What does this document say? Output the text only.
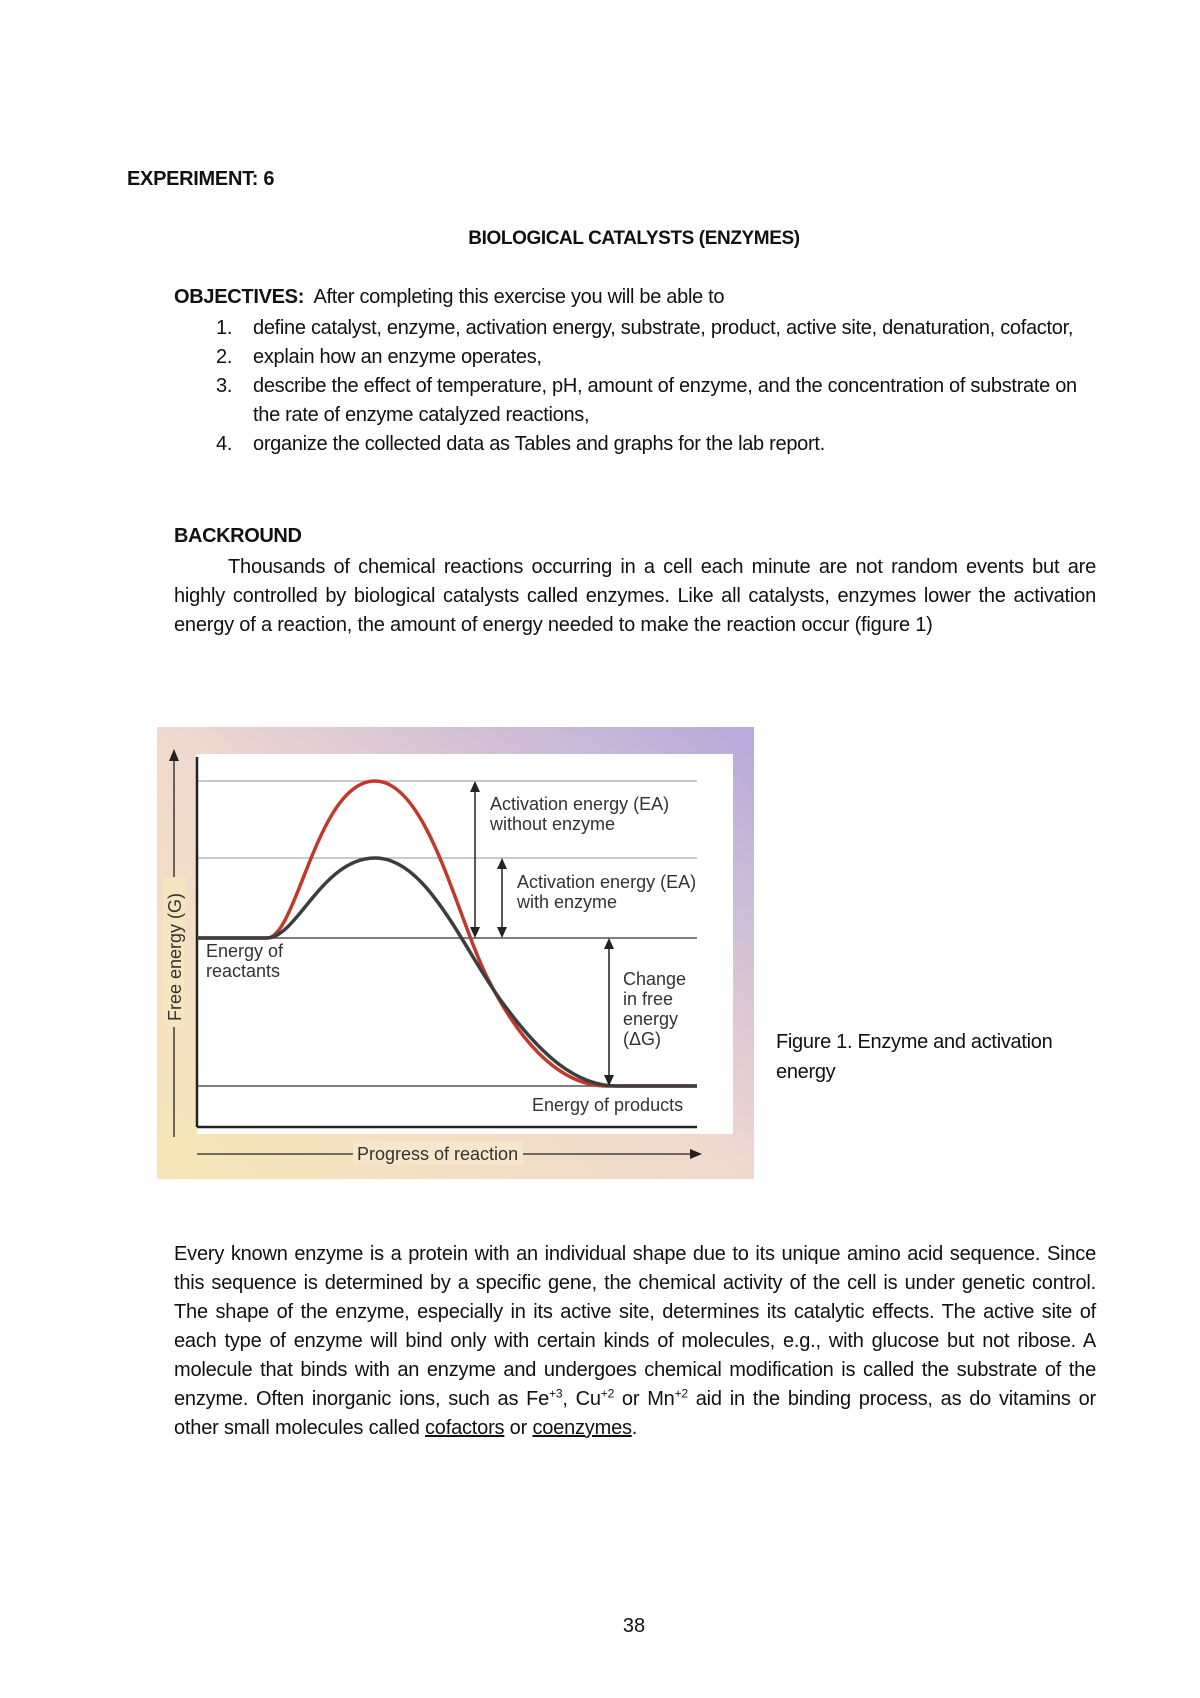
EXPERIMENT: 6
BIOLOGICAL CATALYSTS (ENZYMES)
OBJECTIVES: After completing this exercise you will be able to
1. define catalyst, enzyme, activation energy, substrate, product, active site, denaturation, cofactor,
2. explain how an enzyme operates,
3. describe the effect of temperature, pH, amount of enzyme, and the concentration of substrate on the rate of enzyme catalyzed reactions,
4. organize the collected data as Tables and graphs for the lab report.
BACKROUND

Thousands of chemical reactions occurring in a cell each minute are not random events but are highly controlled by biological catalysts called enzymes. Like all catalysts, enzymes lower the activation energy of a reaction, the amount of energy needed to make the reaction occur (figure 1)

Activation energy (EA)
without enzyme
Activation energy (EA)
with enzyme
Energy of
reactants	Change
in free
energy
(ΔG)
Energy of products
Progress of reaction
Free energy (G)
Figure 1. Enzyme and activation energy

Every known enzyme is a protein with an individual shape due to its unique amino acid sequence. Since this sequence is determined by a specific gene, the chemical activity of the cell is under genetic control. The shape of the enzyme, especially in its active site, determines its catalytic effects. The active site of each type of enzyme will bind only with certain kinds of molecules, e.g., with glucose but not ribose. A molecule that binds with an enzyme and undergoes chemical modification is called the substrate of the enzyme. Often inorganic ions, such as $Fe^{+3}$, $Cu^{+2}$ or $Mn^{+2}$ aid in the binding process, as do vitamins or other small molecules called cofactors or coenzymes.

38
